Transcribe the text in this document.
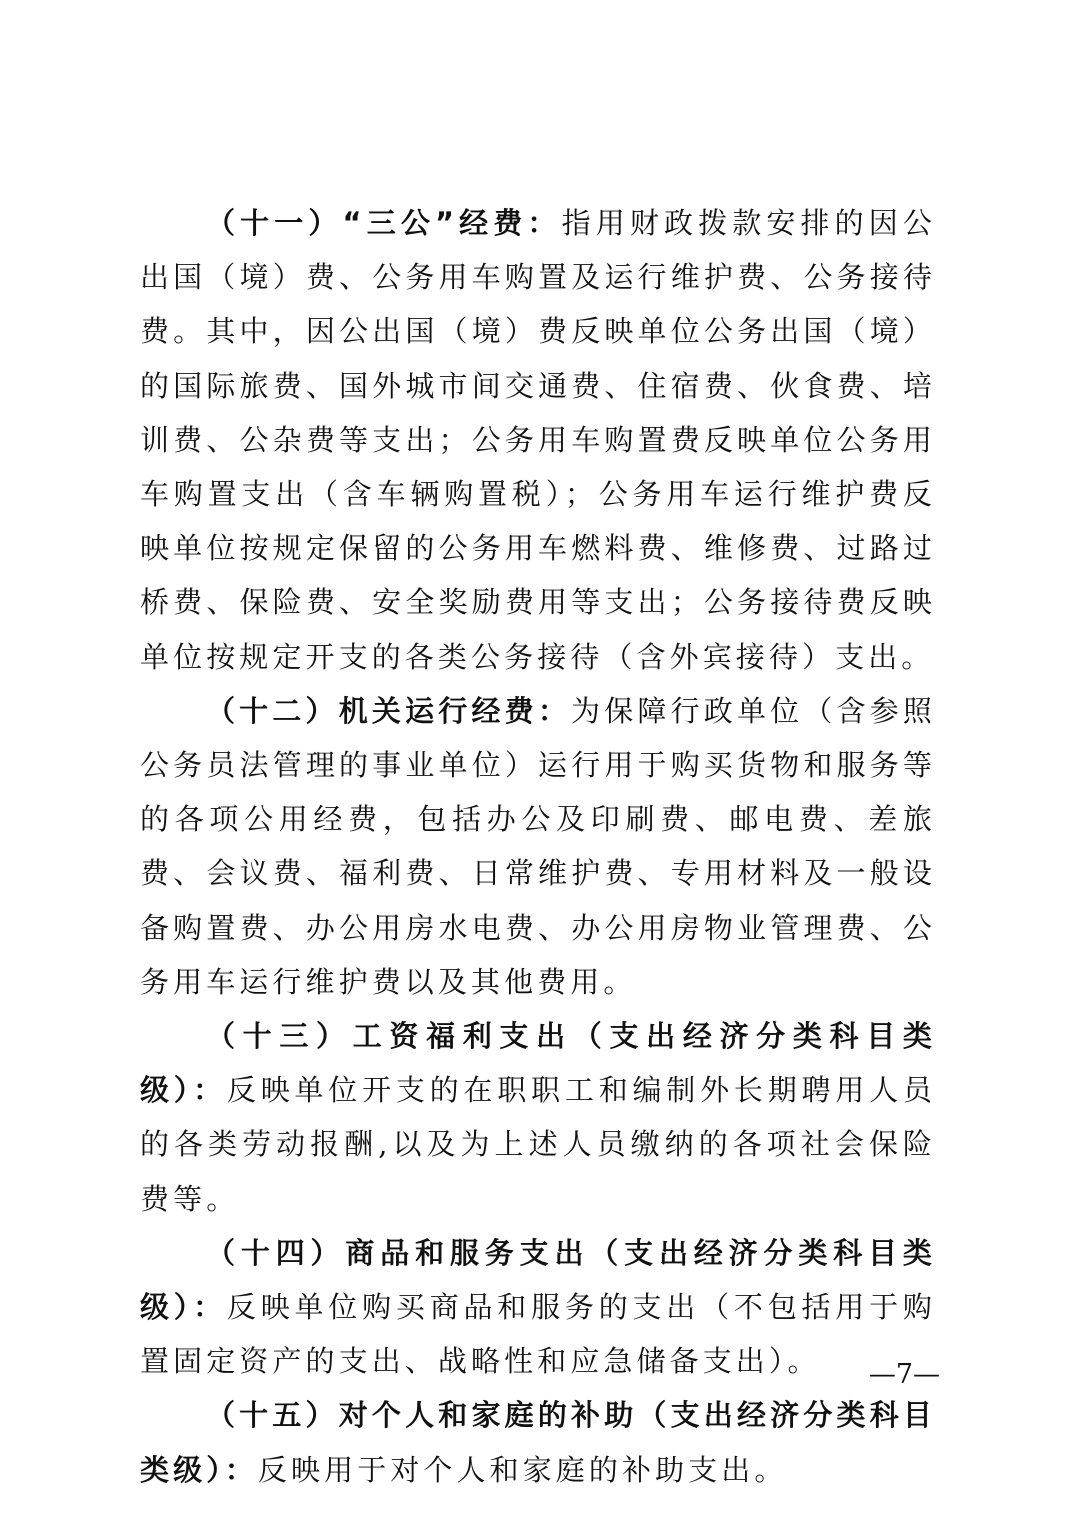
（十一）“三公”经费：指用财政拨款安排的因公出国（境）费、公务用车购置及运行维护费、公务接待费。其中，因公出国（境）费反映单位公务出国（境）的国际旅费、国外城市间交通费、住宿费、伙食费、培训费、公杂费等支出；公务用车购置费反映单位公务用车购置支出（含车辆购置税）；公务用车运行维护费反映单位按规定保留的公务用车燃料费、维修费、过路过桥费、保险费、安全奖励费用等支出；公务接待费反映单位按规定开支的各类公务接待（含外宾接待）支出。

（十二）机关运行经费：为保障行政单位（含参照公务员法管理的事业单位）运行用于购买货物和服务等的各项公用经费，包括办公及印刷费、邮电费、差旅费、会议费、福利费、日常维护费、专用材料及一般设备购置费、办公用房水电费、办公用房物业管理费、公务用车运行维护费以及其他费用。

（十三）工资福利支出（支出经济分类科目类级）：反映单位开支的在职职工和编制外长期聘用人员的各类劳动报酬,以及为上述人员缴纳的各项社会保险费等。

（十四）商品和服务支出（支出经济分类科目类级）：反映单位购买商品和服务的支出（不包括用于购置固定资产的支出、战略性和应急储备支出）。

（十五）对个人和家庭的补助（支出经济分类科目类级）：反映用于对个人和家庭的补助支出。

—7—
